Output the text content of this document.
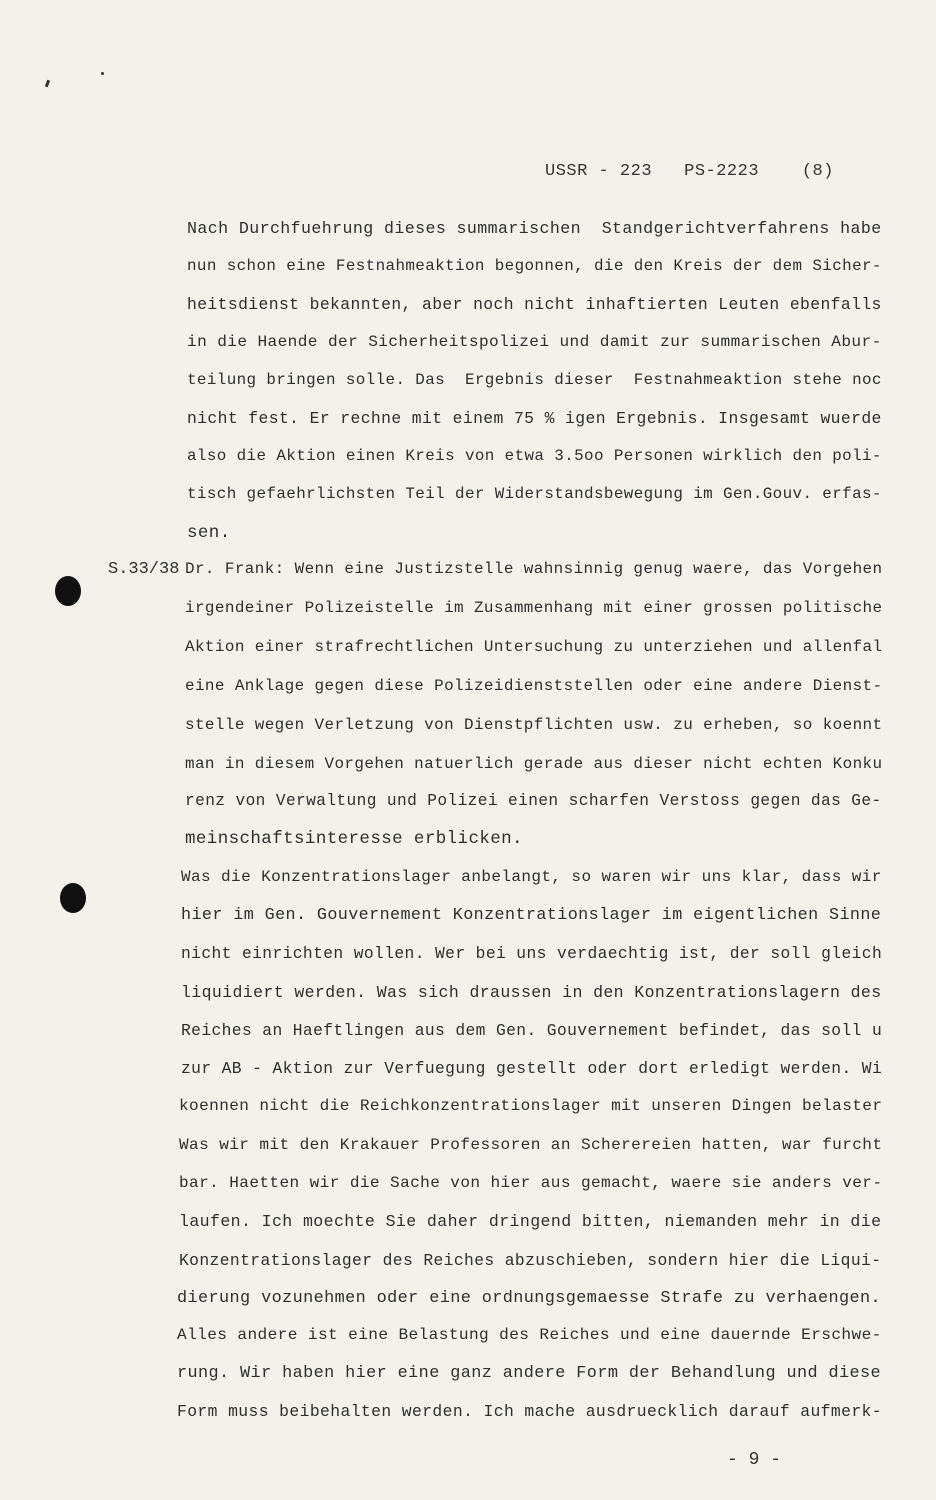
USSR - 223   PS-2223    (8)
S.33/38
Nach Durchfuehrung dieses summarischen  Standgerichtverfahrens habe
nun schon eine Festnahmeaktion begonnen, die den Kreis der dem Sicher-
heitsdienst bekannten, aber noch nicht inhaftierten Leuten ebenfalls
in die Haende der Sicherheitspolizei und damit zur summarischen Abur-
teilung bringen solle. Das  Ergebnis dieser  Festnahmeaktion stehe noc
nicht fest. Er rechne mit einem 75 % igen Ergebnis. Insgesamt wuerde
also die Aktion einen Kreis von etwa 3.5oo Personen wirklich den poli-
tisch gefaehrlichsten Teil der Widerstandsbewegung im Gen.Gouv. erfas-
sen.
Dr. Frank: Wenn eine Justizstelle wahnsinnig genug waere, das Vorgehen
irgendeiner Polizeistelle im Zusammenhang mit einer grossen politische
Aktion einer strafrechtlichen Untersuchung zu unterziehen und allenfal
eine Anklage gegen diese Polizeidienststellen oder eine andere Dienst-
stelle wegen Verletzung von Dienstpflichten usw. zu erheben, so koennt
man in diesem Vorgehen natuerlich gerade aus dieser nicht echten Konku
renz von Verwaltung und Polizei einen scharfen Verstoss gegen das Ge-
meinschaftsinteresse erblicken.
Was die Konzentrationslager anbelangt, so waren wir uns klar, dass wir
hier im Gen. Gouvernement Konzentrationslager im eigentlichen Sinne
nicht einrichten wollen. Wer bei uns verdaechtig ist, der soll gleich
liquidiert werden. Was sich draussen in den Konzentrationslagern des
Reiches an Haeftlingen aus dem Gen. Gouvernement befindet, das soll u
zur AB - Aktion zur Verfuegung gestellt oder dort erledigt werden. Wi
koennen nicht die Reichkonzentrationslager mit unseren Dingen belaster
Was wir mit den Krakauer Professoren an Scherereien hatten, war furcht
bar. Haetten wir die Sache von hier aus gemacht, waere sie anders ver-
laufen. Ich moechte Sie daher dringend bitten, niemanden mehr in die
Konzentrationslager des Reiches abzuschieben, sondern hier die Liqui-
dierung vozunehmen oder eine ordnungsgemaesse Strafe zu verhaengen.
Alles andere ist eine Belastung des Reiches und eine dauernde Erschwe-
rung. Wir haben hier eine ganz andere Form der Behandlung und diese
Form muss beibehalten werden. Ich mache ausdruecklich darauf aufmerk-
- 9 -
